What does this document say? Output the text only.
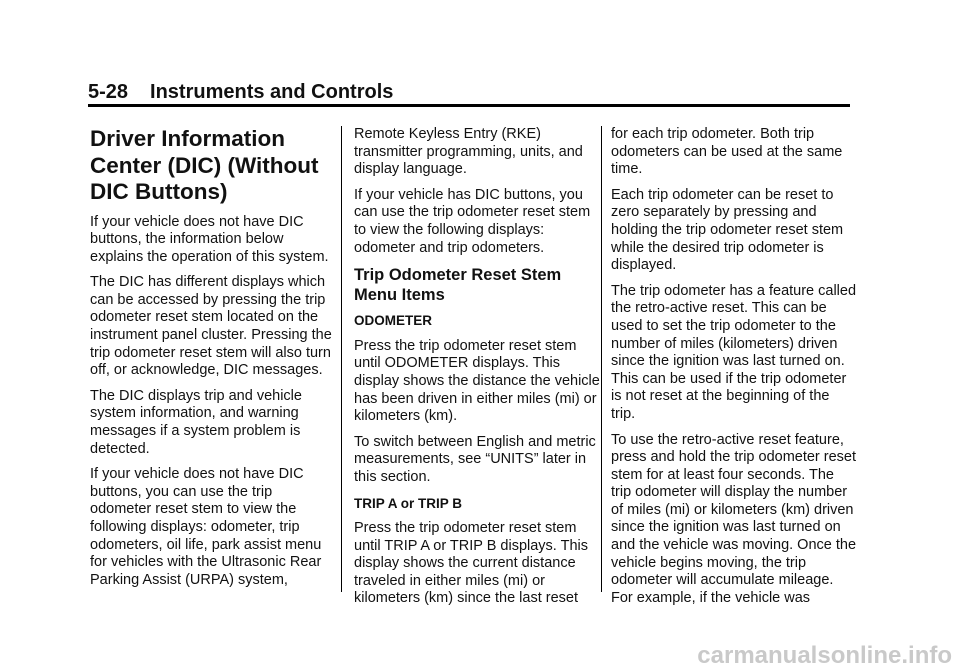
5-28 Instruments and Controls
Driver Information Center (DIC) (Without DIC Buttons)

If your vehicle does not have DIC buttons, the information below explains the operation of this system.

The DIC has different displays which can be accessed by pressing the trip odometer reset stem located on the instrument panel cluster. Pressing the trip odometer reset stem will also turn off, or acknowledge, DIC messages.

The DIC displays trip and vehicle system information, and warning messages if a system problem is detected.

If your vehicle does not have DIC buttons, you can use the trip odometer reset stem to view the following displays: odometer, trip odometers, oil life, park assist menu for vehicles with the Ultrasonic Rear Parking Assist (URPA) system,

Remote Keyless Entry (RKE) transmitter programming, units, and display language.

If your vehicle has DIC buttons, you can use the trip odometer reset stem to view the following displays: odometer and trip odometers.

Trip Odometer Reset Stem Menu Items

ODOMETER

Press the trip odometer reset stem until ODOMETER displays. This display shows the distance the vehicle has been driven in either miles (mi) or kilometers (km).

To switch between English and metric measurements, see “UNITS” later in this section.

TRIP A or TRIP B

Press the trip odometer reset stem until TRIP A or TRIP B displays. This display shows the current distance traveled in either miles (mi) or kilometers (km) since the last reset

for each trip odometer. Both trip odometers can be used at the same time.

Each trip odometer can be reset to zero separately by pressing and holding the trip odometer reset stem while the desired trip odometer is displayed.

The trip odometer has a feature called the retro-active reset. This can be used to set the trip odometer to the number of miles (kilometers) driven since the ignition was last turned on. This can be used if the trip odometer is not reset at the beginning of the trip.

To use the retro-active reset feature, press and hold the trip odometer reset stem for at least four seconds. The trip odometer will display the number of miles (mi) or kilometers (km) driven since the ignition was last turned on and the vehicle was moving. Once the vehicle begins moving, the trip odometer will accumulate mileage. For example, if the vehicle was

carmanualsonline.info
